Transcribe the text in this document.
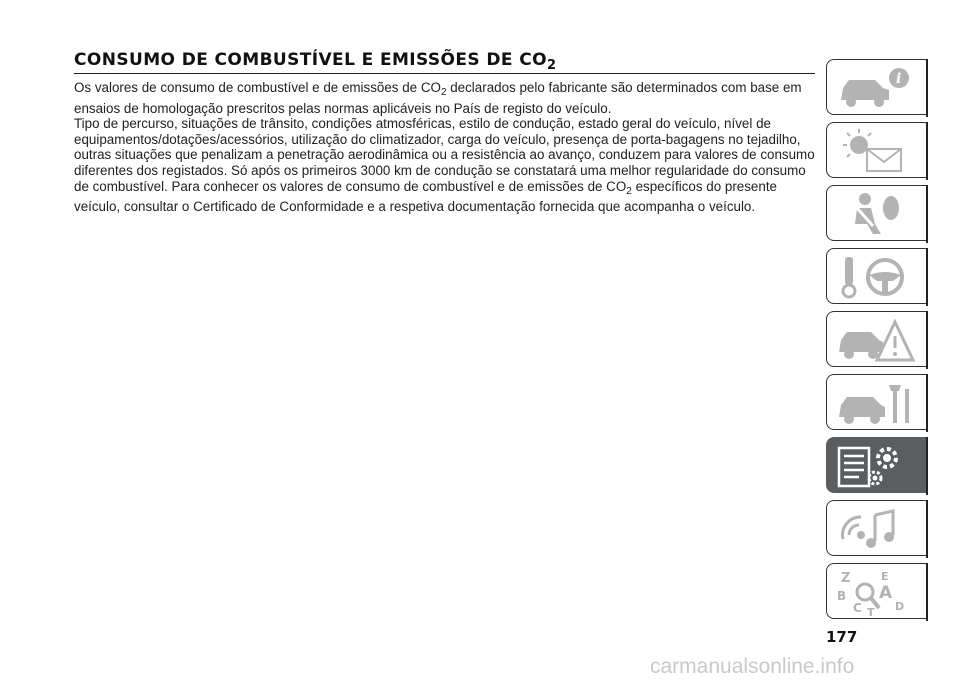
CONSUMO DE COMBUSTÍVEL E EMISSÕES DE $CO_2$

Os valores de consumo de combustível e de emissões de $CO_2$ declarados pelo fabricante são determinados com base em ensaios de homologação prescritos pelas normas aplicáveis no País de registo do veículo.

Tipo de percurso, situações de trânsito, condições atmosféricas, estilo de condução, estado geral do veículo, nível de equipamentos/dotações/acessórios, utilização do climatizador, carga do veículo, presença de porta-bagagens no tejadilho, outras situações que penalizam a penetração aerodinâmica ou a resistência ao avanço, conduzem para valores de consumo diferentes dos registados. Só após os primeiros 3000 km de condução se constatará uma melhor regularidade do consumo de combustível. Para conhecer os valores de consumo de combustível e de emissões de $CO_2$ específicos do presente veículo, consultar o Certificado de Conformidade e a respetiva documentação fornecida que acompanha o veículo.

i
Z	E
A
B
C T D
177
carmanualsonline.info
